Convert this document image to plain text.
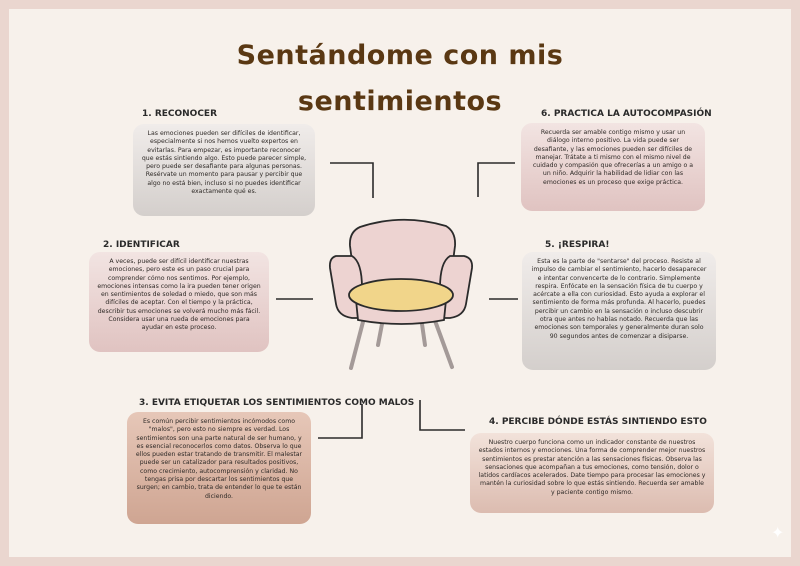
Sentándome con mis
sentimientos
1. RECONOCER

Las emociones pueden ser difíciles de identificar, especialmente si nos hemos vuelto expertos en evitarlas. Para empezar, es importante reconocer que estás sintiendo algo. Esto puede parecer simple, pero puede ser desafiante para algunas personas. Resérvate un momento para pausar y percibir que algo no está bien, incluso si no puedes identificar exactamente qué es.

2. IDENTIFICAR

A veces, puede ser difícil identificar nuestras emociones, pero este es un paso crucial para comprender cómo nos sentimos. Por ejemplo, emociones intensas como la ira pueden tener origen en sentimientos de soledad o miedo, que son más difíciles de aceptar. Con el tiempo y la práctica, describir tus emociones se volverá mucho más fácil. Considera usar una rueda de emociones para ayudar en este proceso.

3. EVITA ETIQUETAR LOS SENTIMIENTOS COMO MALOS

Es común percibir sentimientos incómodos como "malos", pero esto no siempre es verdad. Los sentimientos son una parte natural de ser humano, y es esencial reconocerlos como datos. Observa lo que ellos pueden estar tratando de transmitir. El malestar puede ser un catalizador para resultados positivos, como crecimiento, autocomprensión y claridad. No tengas prisa por descartar los sentimientos que surgen; en cambio, trata de entender lo que te están diciendo.

4. PERCIBE DÓNDE ESTÁS SINTIENDO ESTO

Nuestro cuerpo funciona como un indicador constante de nuestros estados internos y emociones. Una forma de comprender mejor nuestros sentimientos es prestar atención a las sensaciones físicas. Observa las sensaciones que acompañan a tus emociones, como tensión, dolor o latidos cardíacos acelerados. Date tiempo para procesar las emociones y mantén la curiosidad sobre lo que estás sintiendo. Recuerda ser amable y paciente contigo mismo.

5. ¡RESPIRA!

Esta es la parte de "sentarse" del proceso. Resiste al impulso de cambiar el sentimiento, hacerlo desaparecer e intentar convencerte de lo contrario. Simplemente respira. Enfócate en la sensación física de tu cuerpo y acércate a ella con curiosidad. Esto ayuda a explorar el sentimiento de forma más profunda. Al hacerlo, puedes percibir un cambio en la sensación o incluso descubrir otra que antes no habías notado. Recuerda que las emociones son temporales y generalmente duran solo 90 segundos antes de comenzar a disiparse.

6. PRACTICA LA AUTOCOMPASIÓN

Recuerda ser amable contigo mismo y usar un diálogo interno positivo. La vida puede ser desafiante, y las emociones pueden ser difíciles de manejar. Trátate a ti mismo con el mismo nivel de cuidado y compasión que ofrecerías a un amigo o a un niño. Adquirir la habilidad de lidiar con las emociones es un proceso que exige práctica.

✦
